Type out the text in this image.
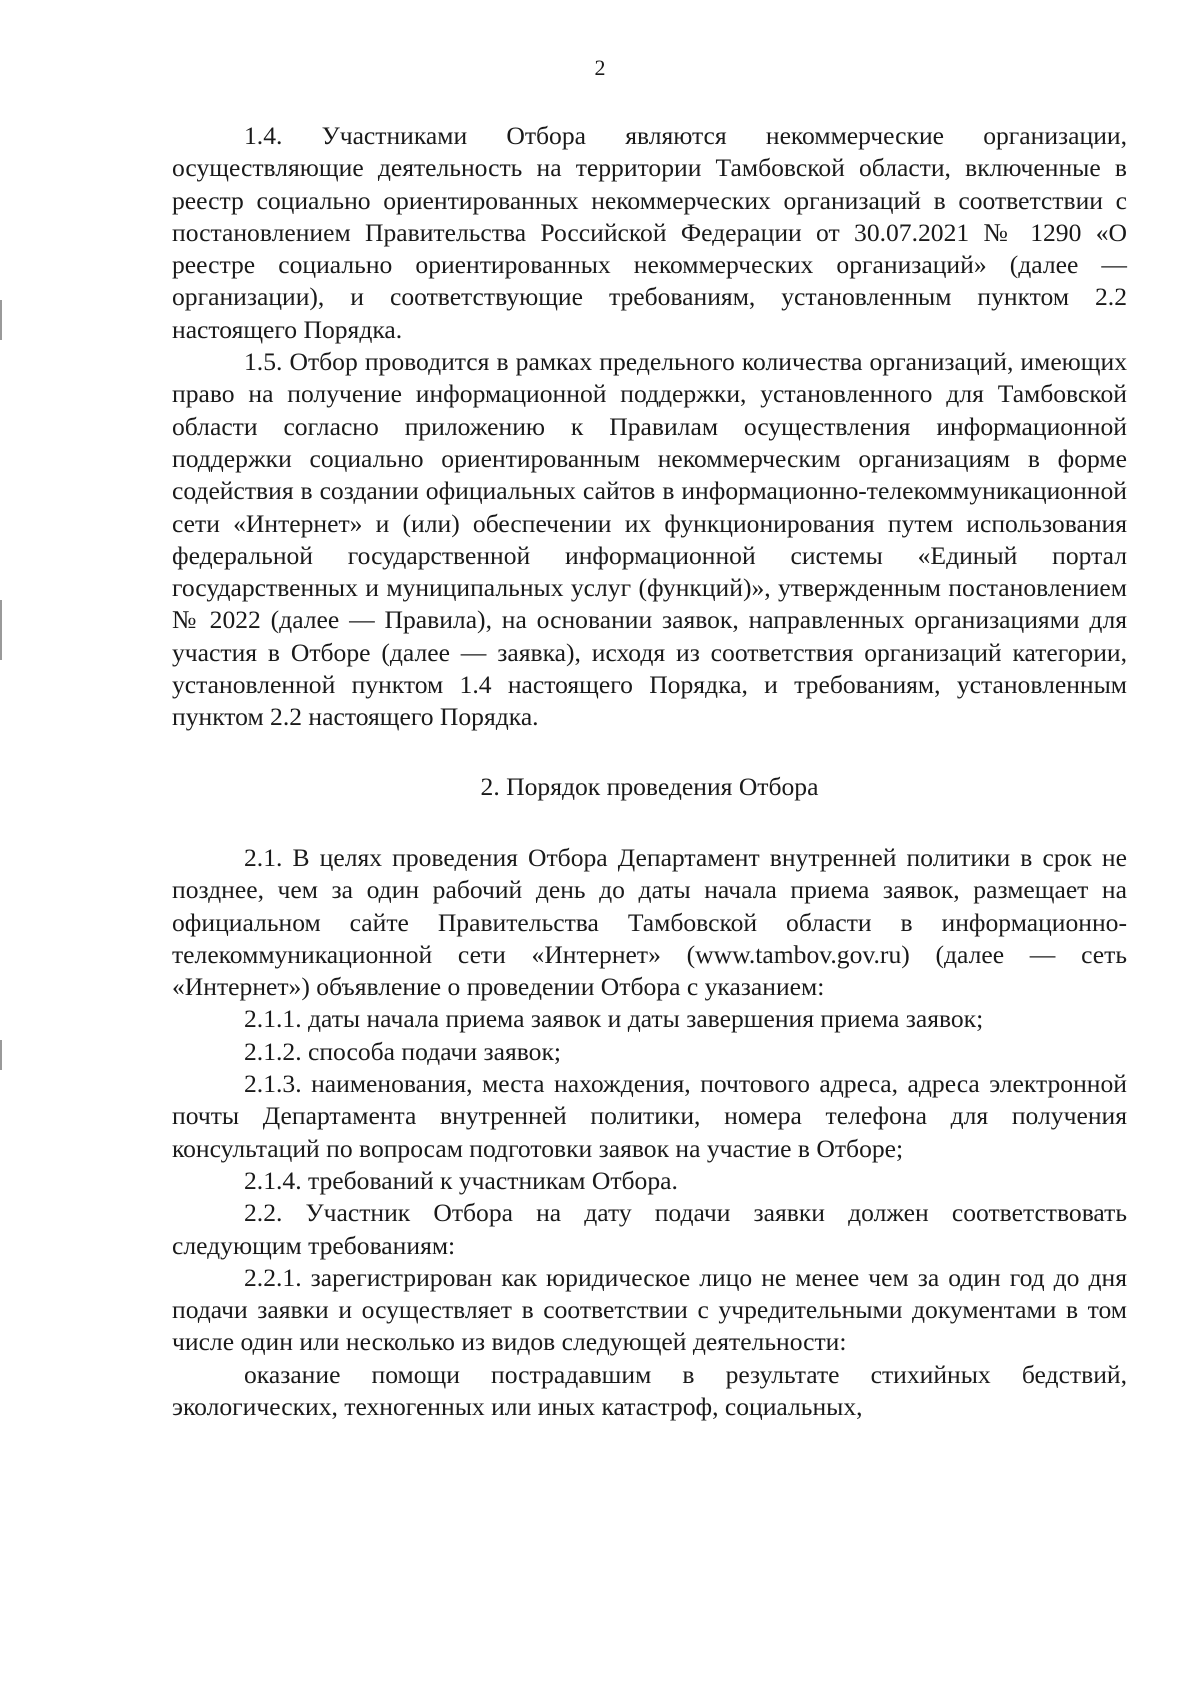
2

1.4. Участниками Отбора являются некоммерческие организации, осуществляющие деятельность на территории Тамбовской области, включенные в реестр социально ориентированных некоммерческих организаций в соответствии с постановлением Правительства Российской Федерации от 30.07.2021 № 1290 «О реестре социально ориентированных некоммерческих организаций» (далее — организации), и соответствующие требованиям, установленным пунктом 2.2 настоящего Порядка.

1.5. Отбор проводится в рамках предельного количества организаций, имеющих право на получение информационной поддержки, установленного для Тамбовской области согласно приложению к Правилам осуществления информационной поддержки социально ориентированным некоммерческим организациям в форме содействия в создании официальных сайтов в информационно-телекоммуникационной сети «Интернет» и (или) обеспечении их функционирования путем использования федеральной государственной информационной системы «Единый портал государственных и муниципальных услуг (функций)», утвержденным постановлением № 2022 (далее — Правила), на основании заявок, направленных организациями для участия в Отборе (далее — заявка), исходя из соответствия организаций категории, установленной пунктом 1.4 настоящего Порядка, и требованиям, установленным пунктом 2.2 настоящего Порядка.

2. Порядок проведения Отбора

2.1. В целях проведения Отбора Департамент внутренней политики в срок не позднее, чем за один рабочий день до даты начала приема заявок, размещает на официальном сайте Правительства Тамбовской области в информационно-телекоммуникационной сети «Интернет» (www.tambov.gov.ru) (далее — сеть «Интернет») объявление о проведении Отбора с указанием:

2.1.1. даты начала приема заявок и даты завершения приема заявок;

2.1.2. способа подачи заявок;

2.1.3. наименования, места нахождения, почтового адреса, адреса электронной почты Департамента внутренней политики, номера телефона для получения консультаций по вопросам подготовки заявок на участие в Отборе;

2.1.4. требований к участникам Отбора.

2.2. Участник Отбора на дату подачи заявки должен соответствовать следующим требованиям:

2.2.1. зарегистрирован как юридическое лицо не менее чем за один год до дня подачи заявки и осуществляет в соответствии с учредительными документами в том числе один или несколько из видов следующей деятельности:

оказание помощи пострадавшим в результате стихийных бедствий, экологических, техногенных или иных катастроф, социальных,
